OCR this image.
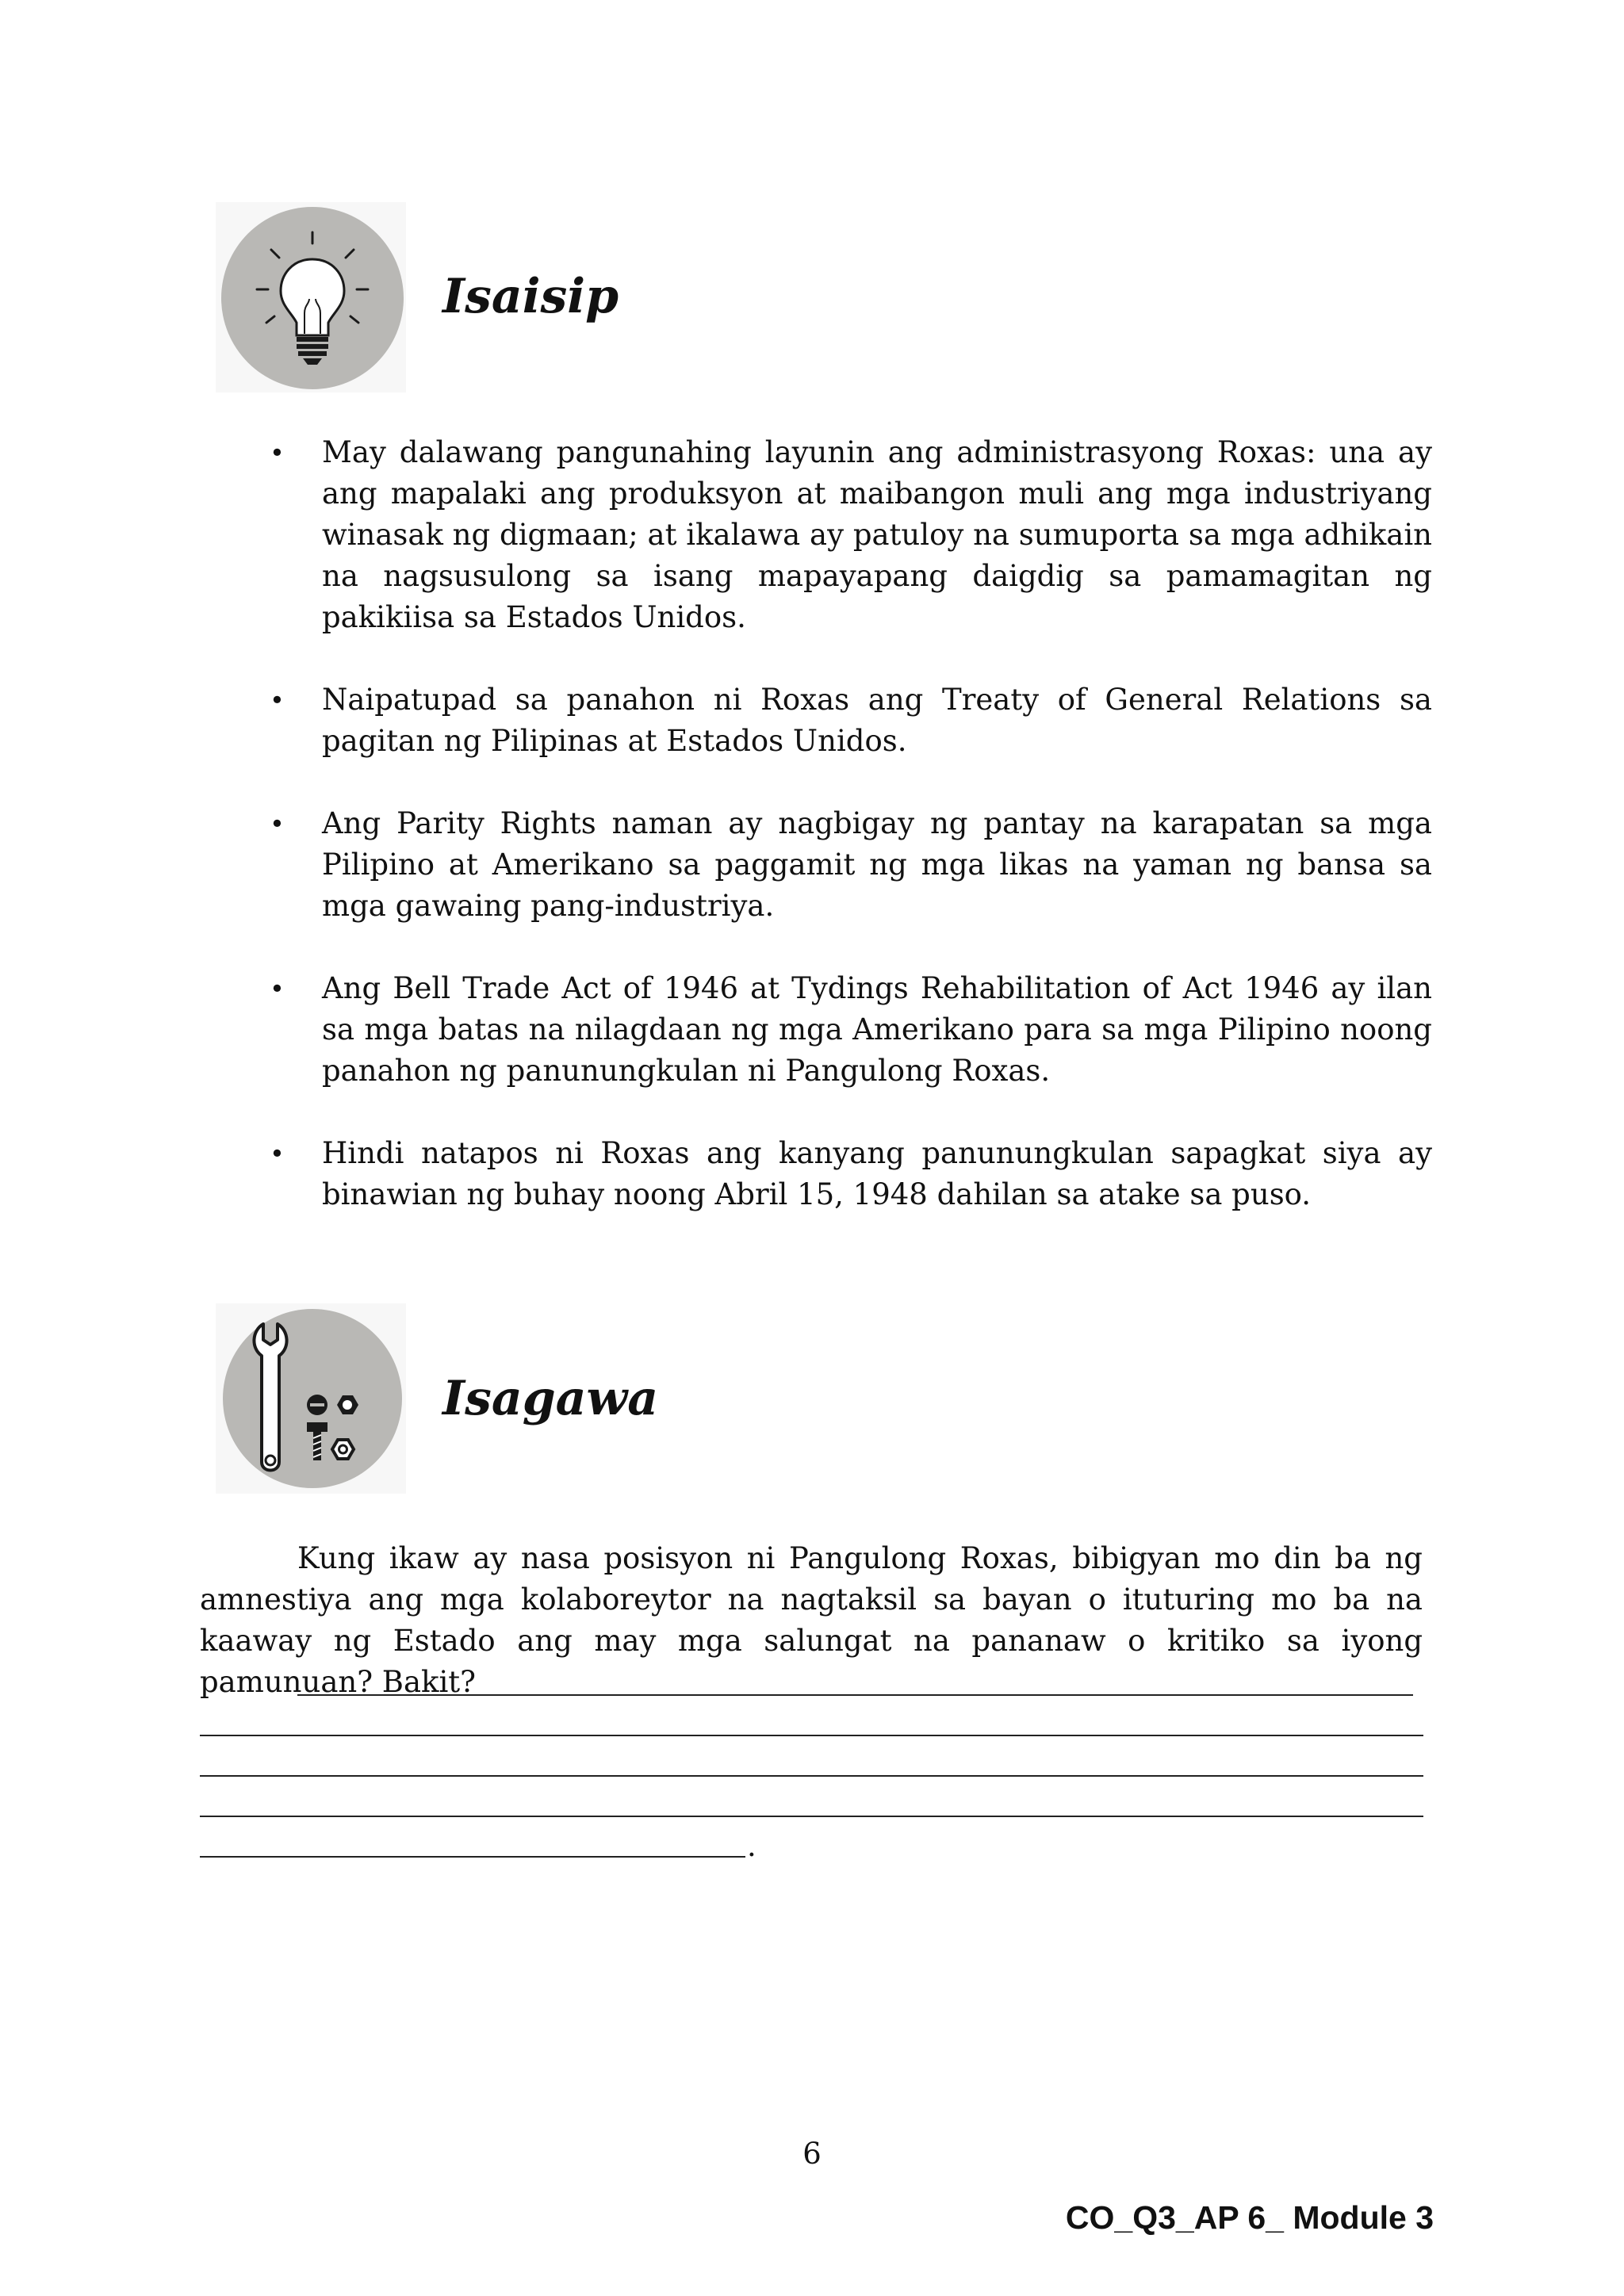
Isaisip
• May dalawang pangunahing layunin ang administrasyong Roxas: una ay ang mapalaki ang produksyon at maibangon muli ang mga industriyang winasak ng digmaan; at ikalawa ay patuloy na sumuporta sa mga adhikain na nagsusulong sa isang mapayapang daigdig sa pamamagitan ng pakikiisa sa Estados Unidos.
• Naipatupad sa panahon ni Roxas ang Treaty of General Relations sa pagitan ng Pilipinas at Estados Unidos.
• Ang Parity Rights naman ay nagbigay ng pantay na karapatan sa mga Pilipino at Amerikano sa paggamit ng mga likas na yaman ng bansa sa mga gawaing pang-industriya.
• Ang Bell Trade Act of 1946 at Tydings Rehabilitation of Act 1946 ay ilan sa mga batas na nilagdaan ng mga Amerikano para sa mga Pilipino noong panahon ng panunungkulan ni Pangulong Roxas.
• Hindi natapos ni Roxas ang kanyang panunungkulan sapagkat siya ay binawian ng buhay noong Abril 15, 1948 dahilan sa atake sa puso.
Isagawa

Kung ikaw ay nasa posisyon ni Pangulong Roxas, bibigyan mo din ba ng amnestiya ang mga kolaboreytor na nagtaksil sa bayan o ituturing mo ba na kaaway ng Estado ang may mga salungat na pananaw o kritiko sa iyong pamunuan? Bakit?

.
6
CO_Q3_AP 6_ Module 3
